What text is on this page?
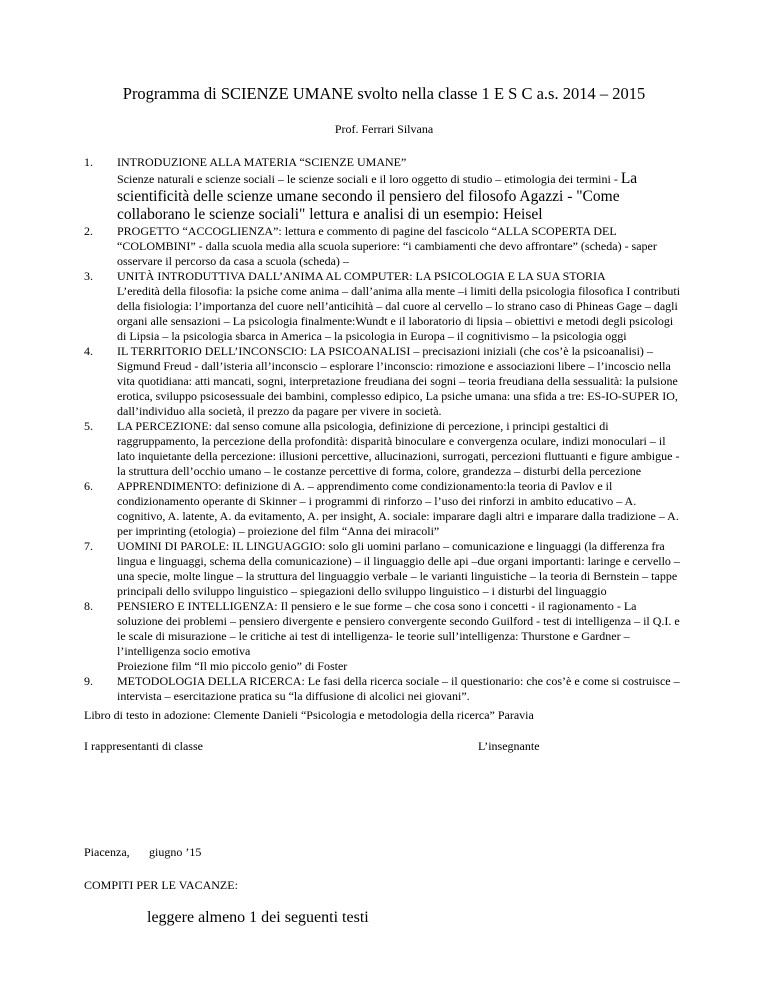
Programma di SCIENZE UMANE svolto nella classe 1 E S C a.s. 2014 – 2015
Prof. Ferrari Silvana
1. INTRODUZIONE ALLA MATERIA “SCIENZE UMANE”
Scienze naturali e scienze sociali – le scienze sociali e il loro oggetto di studio – etimologia dei termini - La scientificità delle scienze umane secondo il pensiero del filosofo Agazzi - "Come collaborano le scienze sociali" lettura e analisi di un esempio: Heisel
2. PROGETTO “ACCOGLIENZA”: lettura e commento di pagine del fascicolo “ALLA SCOPERTA DEL “COLOMBINI” - dalla scuola media alla scuola superiore: “i cambiamenti che devo affrontare” (scheda) - saper osservare il percorso da casa a scuola (scheda) –
3. UNITÀ INTRODUTTIVA DALL’ANIMA AL COMPUTER: LA PSICOLOGIA E LA SUA STORIA
L’eredità della filosofia: la psiche come anima – dall’anima alla mente –i limiti della psicologia filosofica I contributi della fisiologia: l’importanza del cuore nell’anticihità – dal cuore al cervello – lo strano caso di Phineas Gage – dagli organi alle sensazioni – La psicologia finalmente:Wundt e il laboratorio di lipsia – obiettivi e metodi degli psicologi di Lipsia – la psicologia sbarca in America – la psicologia in Europa – il cognitivismo – la psicologia oggi
4. IL TERRITORIO DELL’INCONSCIO: LA PSICOANALISI – precisazioni iniziali (che cos’è la psicoanalisi) –Sigmund Freud - dall’isteria all’inconscio – esplorare l’inconscio: rimozione e associazioni libere – l’incoscio nella vita quotidiana: atti mancati, sogni, interpretazione freudiana dei sogni – teoria freudiana della sessualità: la pulsione erotica, sviluppo psicosessuale dei bambini, complesso edipico, La psiche umana: una sfida a tre: ES-IO-SUPER IO, dall’individuo alla società, il prezzo da pagare per vivere in società.
5. LA PERCEZIONE: dal senso comune alla psicologia, definizione di percezione, i principi gestaltici di raggruppamento, la percezione della profondità: disparità binoculare e convergenza oculare, indizi monoculari – il lato inquietante della percezione: illusioni percettive, allucinazioni, surrogati, percezioni fluttuanti e figure ambigue - la struttura dell’occhio umano – le costanze percettive di forma, colore, grandezza – disturbi della percezione
6. APPRENDIMENTO: definizione di A. – apprendimento come condizionamento:la teoria di Pavlov e il condizionamento operante di Skinner – i programmi di rinforzo – l’uso dei rinforzi in ambito educativo – A. cognitivo, A. latente, A. da evitamento, A. per insight, A. sociale: imparare dagli altri e imparare dalla tradizione – A. per imprinting (etologia) – proiezione del film “Anna dei miracoli”
7. UOMINI DI PAROLE: IL LINGUAGGIO: solo gli uomini parlano – comunicazione e linguaggi (la differenza fra lingua e linguaggi, schema della comunicazione) – il linguaggio delle api –due organi importanti: laringe e cervello – una specie, molte lingue – la struttura del linguaggio verbale – le varianti linguistiche – la teoria di Bernstein – tappe principali dello sviluppo linguistico – spiegazioni dello sviluppo linguistico – i disturbi del linguaggio
8. PENSIERO E INTELLIGENZA: Il pensiero e le sue forme – che cosa sono i concetti - il ragionamento - La soluzione dei problemi – pensiero divergente e pensiero convergente secondo Guilford - test di intelligenza – il Q.I. e le scale di misurazione – le critiche ai test di intelligenza- le teorie sull’intelligenza: Thurstone e Gardner – l’intelligenza socio emotiva
Proiezione film “Il mio piccolo genio” di Foster
9. METODOLOGIA DELLA RICERCA: Le fasi della ricerca sociale – il questionario: che cos’è e come si costruisce – intervista – esercitazione pratica su “la diffusione di alcolici nei giovani”.
Libro di testo in adozione: Clemente Danieli “Psicologia e metodologia della ricerca” Paravia
I rappresentanti di classe	L’insegnante
Piacenza, giugno ’15
COMPITI PER LE VACANZE:
leggere almeno 1 dei seguenti testi
